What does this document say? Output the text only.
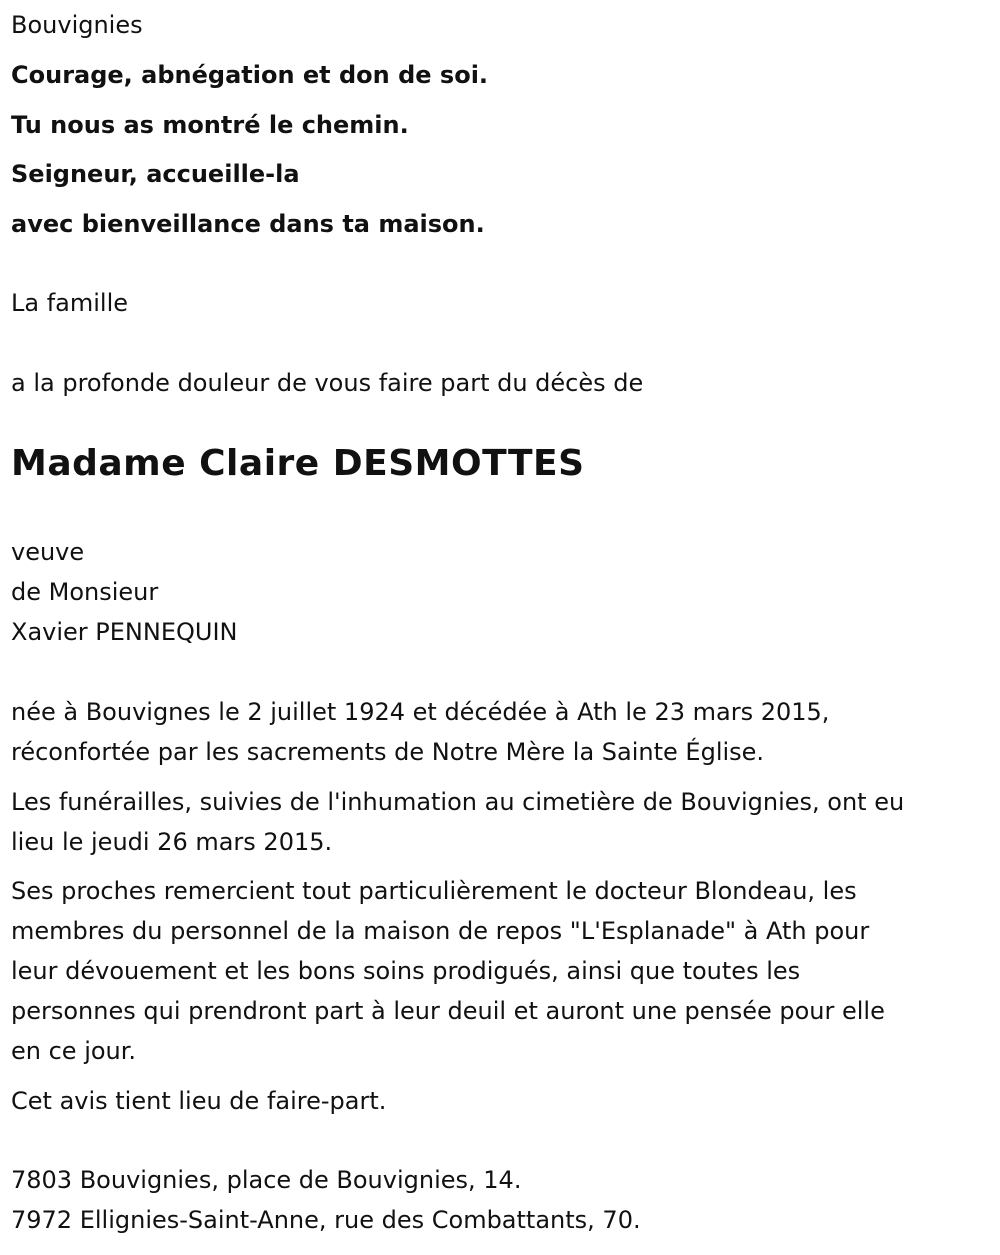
Bouvignies
Courage, abnégation et don de soi.
Tu nous as montré le chemin.
Seigneur, accueille-la
avec bienveillance dans ta maison.
La famille
a la profonde douleur de vous faire part du décès de
Madame Claire DESMOTTES
veuve
de Monsieur
Xavier PENNEQUIN
née à Bouvignes le 2 juillet 1924 et décédée à Ath le 23 mars 2015,
réconfortée par les sacrements de Notre Mère la Sainte Église.
Les funérailles, suivies de l'inhumation au cimetière de Bouvignies, ont eu
lieu le jeudi 26 mars 2015.
Ses proches remercient tout particulièrement le docteur Blondeau, les
membres du personnel de la maison de repos "L'Esplanade" à Ath pour
leur dévouement et les bons soins prodigués, ainsi que toutes les
personnes qui prendront part à leur deuil et auront une pensée pour elle
en ce jour.
Cet avis tient lieu de faire-part.
7803 Bouvignies, place de Bouvignies, 14.
7972 Ellignies-Saint-Anne, rue des Combattants, 70.
